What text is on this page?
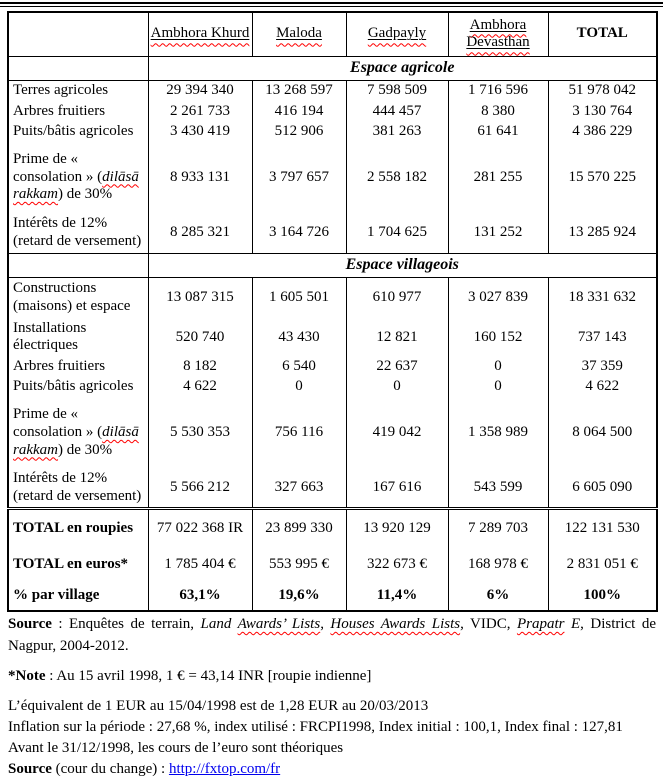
	Ambhora Khurd	Maloda	Gadpayly	Ambhora Devasthan	TOTAL
	Espace agricole				
Terres agricoles	29 394 340	13 268 597	7 598 509	1 716 596	51 978 042
Arbres fruitiers	2 261 733	416 194	444 457	8 380	3 130 764
Puits/bâtis agricoles	3 430 419	512 906	381 263	61 641	4 386 229
Prime de « consolation » (dilāsā rakkam) de 30%	8 933 131	3 797 657	2 558 182	281 255	15 570 225
Intérêts de 12% (retard de versement)	8 285 321	3 164 726	1 704 625	131 252	13 285 924
	Espace villageois				
Constructions (maisons) et espace	13 087 315	1 605 501	610 977	3 027 839	18 331 632
Installations électriques	520 740	43 430	12 821	160 152	737 143
Arbres fruitiers	8 182	6 540	22 637	0	37 359
Puits/bâtis agricoles	4 622	0	0	0	4 622
Prime de « consolation » (dilāsā rakkam) de 30%	5 530 353	756 116	419 042	1 358 989	8 064 500
Intérêts de 12% (retard de versement)	5 566 212	327 663	167 616	543 599	6 605 090
TOTAL en roupies	77 022 368 IR	23 899 330	13 920 129	7 289 703	122 131 530
TOTAL en euros*	1 785 404 €	553 995 €	322 673 €	168 978 €	2 831 051 €
% par village	63,1%	19,6%	11,4%	6%	100%
Source : Enquêtes de terrain, Land Awards’ Lists, Houses Awards Lists, VIDC, Prapatr E, District de Nagpur, 2004-2012.
*Note : Au 15 avril 1998, 1 € = 43,14 INR [roupie indienne]
L’équivalent de 1 EUR au 15/04/1998 est de 1,28 EUR au 20/03/2013
Inflation sur la période : 27,68 %, index utilisé : FRCPI1998, Index initial : 100,1, Index final : 127,81
Avant le 31/12/1998, les cours de l’euro sont théoriques
Source (cour du change) : http://fxtop.com/fr
